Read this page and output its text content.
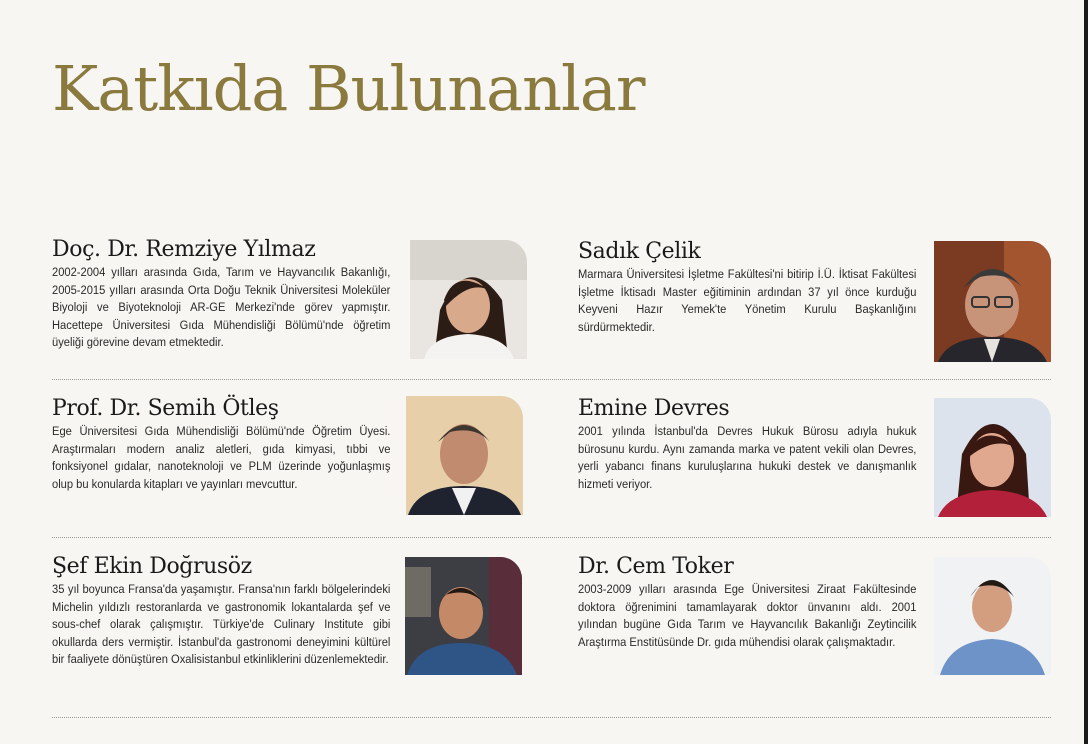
Katkıda Bulunanlar
Doç. Dr. Remziye Yılmaz

2002-2004 yılları arasında Gıda, Tarım ve Hayvancılık Bakanlığı, 2005-2015 yılları arasında Orta Doğu Teknik Üniversitesi Moleküler Biyoloji ve Biyoteknoloji AR-GE Merkezi'nde görev yapmıştır. Hacettepe Üniversitesi Gıda Mühendisliği Bölümü'nde öğretim üyeliği görevine devam etmektedir.

Sadık Çelik

Marmara Üniversitesi İşletme Fakültesi'ni bitirip İ.Ü. İktisat Fakültesi İşletme İktisadı Master eğitiminin ardından 37 yıl önce kurduğu Keyveni Hazır Yemek'te Yönetim Kurulu Başkanlığını sürdürmektedir.

Prof. Dr. Semih Ötleş

Ege Üniversitesi Gıda Mühendisliği Bölümü'nde Öğretim Üyesi. Araştırmaları modern analiz aletleri, gıda kimyasi, tıbbi ve fonksiyonel gıdalar, nanoteknoloji ve PLM üzerinde yoğunlaşmış olup bu konularda kitapları ve yayınları mevcuttur.

Emine Devres

2001 yılında İstanbul'da Devres Hukuk Bürosu adıyla hukuk bürosunu kurdu. Aynı zamanda marka ve patent vekili olan Devres, yerli yabancı finans kuruluşlarına hukuki destek ve danışmanlık hizmeti veriyor.

Şef Ekin Doğrusöz

35 yıl boyunca Fransa'da yaşamıştır. Fransa'nın farklı bölgelerindeki Michelin yıldızlı restoranlarda ve gastronomik lokantalarda şef ve sous-chef olarak çalışmıştır. Türkiye'de Culinary Institute gibi okullarda ders vermiştir. İstanbul'da gastronomi deneyimini kültürel bir faaliyete dönüştüren Oxalisistanbul etkinliklerini düzenlemektedir.

Dr. Cem Toker

2003-2009 yılları arasında Ege Üniversitesi Ziraat Fakültesinde doktora öğrenimini tamamlayarak doktor ünvanını aldı. 2001 yılından bugüne Gıda Tarım ve Hayvancılık Bakanlığı Zeytincilik Araştırma Enstitüsünde Dr. gıda mühendisi olarak çalışmaktadır.
